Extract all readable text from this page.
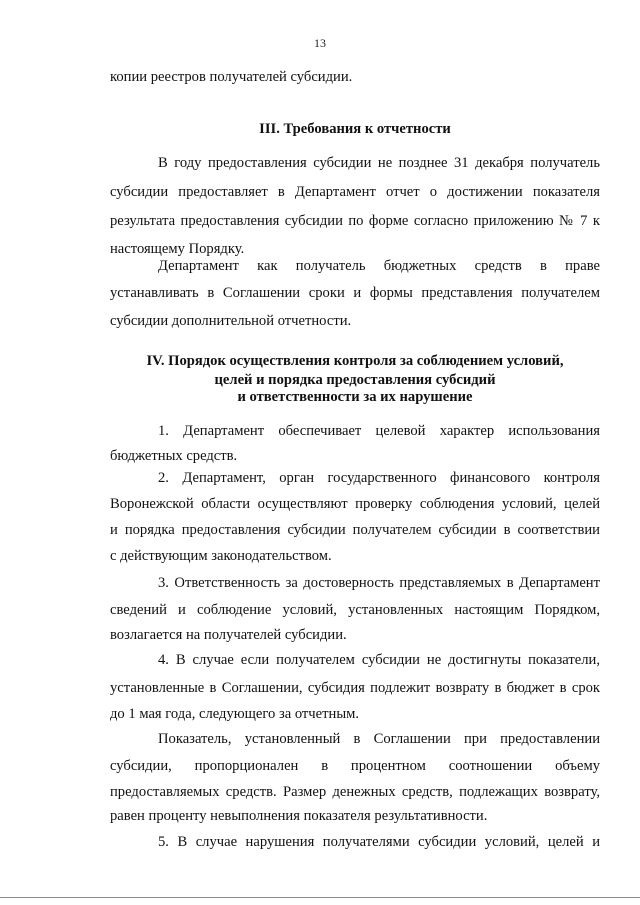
13
копии реестров получателей субсидии.
III. Требования к отчетности
В году предоставления субсидии не позднее 31 декабря получатель
субсидии предоставляет в Департамент отчет о достижении показателя
результата предоставления субсидии по форме согласно приложению № 7 к
настоящему Порядку.
Департамент как получатель бюджетных средств в праве
устанавливать в Соглашении сроки и формы представления получателем
субсидии дополнительной отчетности.
IV. Порядок осуществления контроля за соблюдением условий,
целей и порядка предоставления субсидий
и ответственности за их нарушение
1. Департамент обеспечивает целевой характер использования
бюджетных средств.
2. Департамент, орган государственного финансового контроля
Воронежской области осуществляют проверку соблюдения условий, целей
и порядка предоставления субсидии получателем субсидии в соответствии
с действующим законодательством.
3. Ответственность за достоверность представляемых в Департамент
сведений и соблюдение условий, установленных настоящим Порядком,
возлагается на получателей субсидии.
4. В случае если получателем субсидии не достигнуты показатели,
установленные в Соглашении, субсидия подлежит возврату в бюджет в срок
до 1 мая года, следующего за отчетным.
Показатель, установленный в Соглашении при предоставлении
субсидии, пропорционален в процентном соотношении объему
предоставляемых средств. Размер денежных средств, подлежащих возврату,
равен проценту невыполнения показателя результативности.
5. В случае нарушения получателями субсидии условий, целей и
